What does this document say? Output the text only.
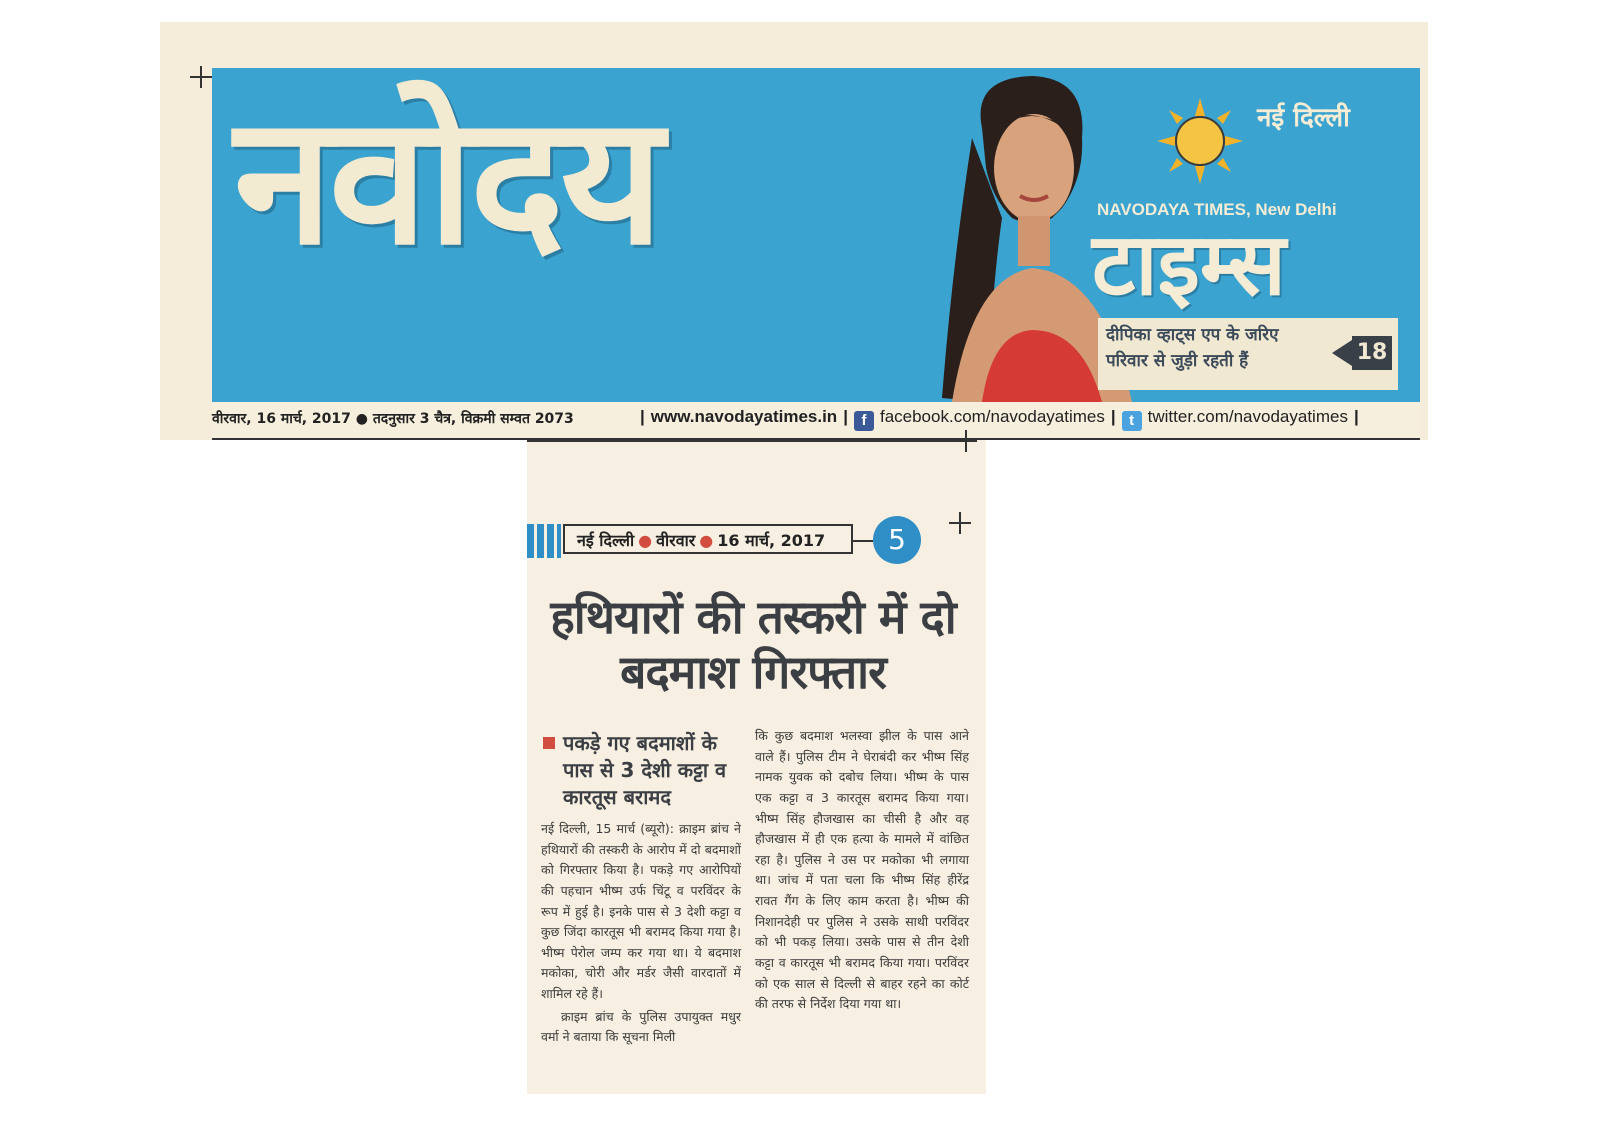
नवोदय	नई दिल्ली
NAVODAYA TIMES, New Delhi
टाइम्स
दीपिका व्हाट्स एप के जरिए परिवार से जुड़ी रहती हैं	18
वीरवार, 16 मार्च, 2017 ● तदनुसार 3 चैत्र, विक्रमी सम्वत 2073	| www.navodayatimes.in | f facebook.com/navodayatimes | t twitter.com/navodayatimes |
नई दिल्ली ● वीरवार ● 16 मार्च, 2017	5
हथियारों की तस्करी में दो बदमाश गिरफ्तार

पकड़े गए बदमाशों के पास से 3 देशी कट्टा व कारतूस बरामद

नई दिल्ली, 15 मार्च (ब्यूरो): क्राइम ब्रांच ने हथियारों की तस्करी के आरोप में दो बदमाशों को गिरफ्तार किया है। पकड़े गए आरोपियों की पहचान भीष्म उर्फ चिंटू व परविंदर के रूप में हुई है। इनके पास से 3 देशी कट्टा व कुछ जिंदा कारतूस भी बरामद किया गया है। भीष्म पेरोल जम्प कर गया था। ये बदमाश मकोका, चोरी और मर्डर जैसी वारदातों में शामिल रहे हैं।

क्राइम ब्रांच के पुलिस उपायुक्त मधुर वर्मा ने बताया कि सूचना मिली

कि कुछ बदमाश भलस्वा झील के पास आने वाले हैं। पुलिस टीम ने घेराबंदी कर भीष्म सिंह नामक युवक को दबोच लिया। भीष्म के पास एक कट्टा व 3 कारतूस बरामद किया गया। भीष्म सिंह हौजखास का चीसी है और वह हौजखास में ही एक हत्या के मामले में वांछित रहा है। पुलिस ने उस पर मकोका भी लगाया था। जांच में पता चला कि भीष्म सिंह हीरेंद्र रावत गैंग के लिए काम करता है। भीष्म की निशानदेही पर पुलिस ने उसके साथी परविंदर को भी पकड़ लिया। उसके पास से तीन देशी कट्टा व कारतूस भी बरामद किया गया। परविंदर को एक साल से दिल्ली से बाहर रहने का कोर्ट की तरफ से निर्देश दिया गया था।
